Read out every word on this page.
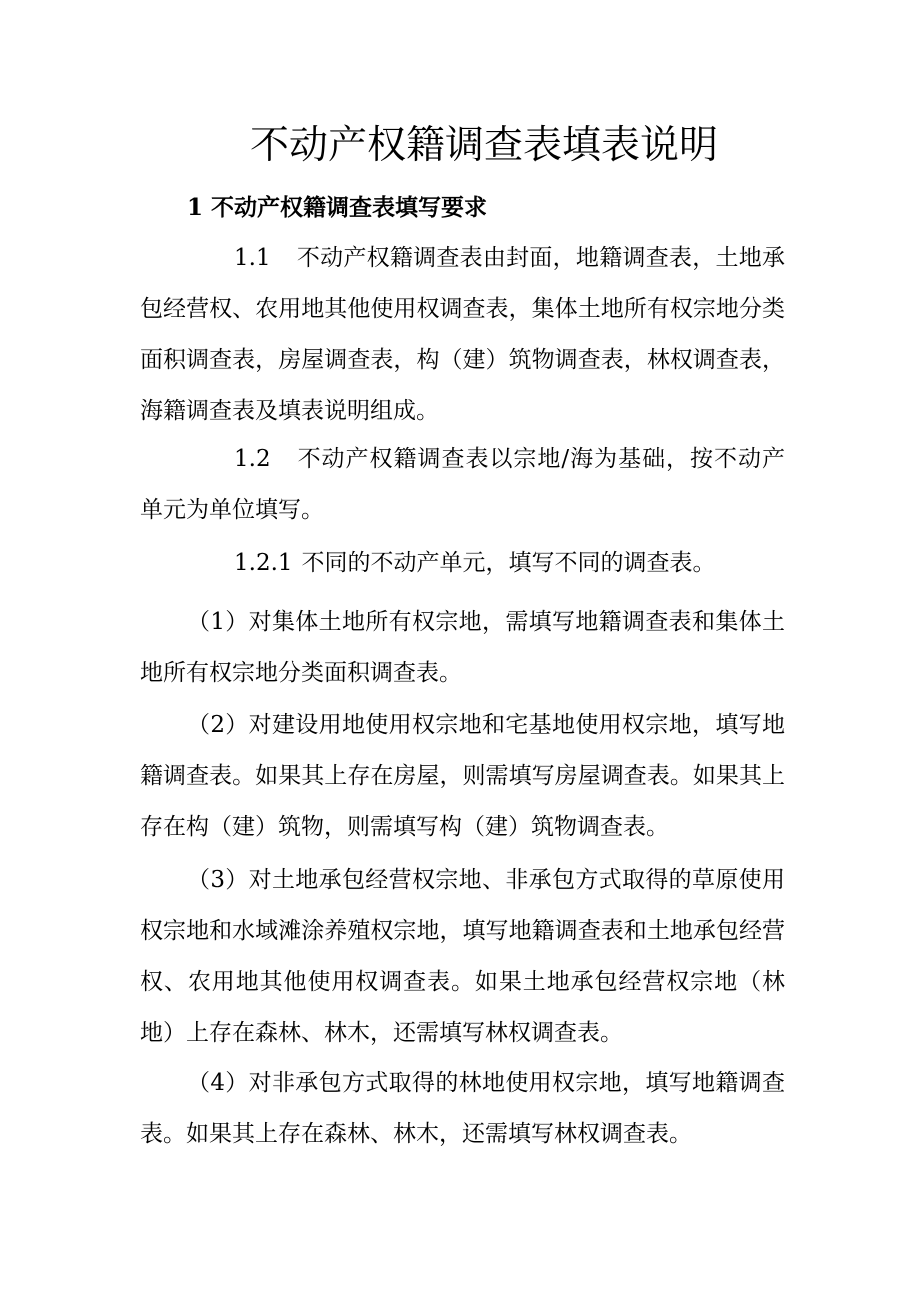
不动产权籍调查表填表说明
1 不动产权籍调查表填写要求

1.1 不动产权籍调查表由封面，地籍调查表，土地承包经营权、农用地其他使用权调查表，集体土地所有权宗地分类面积调查表，房屋调查表，构（建）筑物调查表，林权调查表，海籍调查表及填表说明组成。

1.2 不动产权籍调查表以宗地/海为基础，按不动产单元为单位填写。

1.2.1 不同的不动产单元，填写不同的调查表。

（1）对集体土地所有权宗地，需填写地籍调查表和集体土地所有权宗地分类面积调查表。

（2）对建设用地使用权宗地和宅基地使用权宗地，填写地籍调查表。如果其上存在房屋，则需填写房屋调查表。如果其上存在构（建）筑物，则需填写构（建）筑物调查表。

（3）对土地承包经营权宗地、非承包方式取得的草原使用权宗地和水域滩涂养殖权宗地，填写地籍调查表和土地承包经营权、农用地其他使用权调查表。如果土地承包经营权宗地（林地）上存在森林、林木，还需填写林权调查表。

（4）对非承包方式取得的林地使用权宗地，填写地籍调查表。如果其上存在森林、林木，还需填写林权调查表。
